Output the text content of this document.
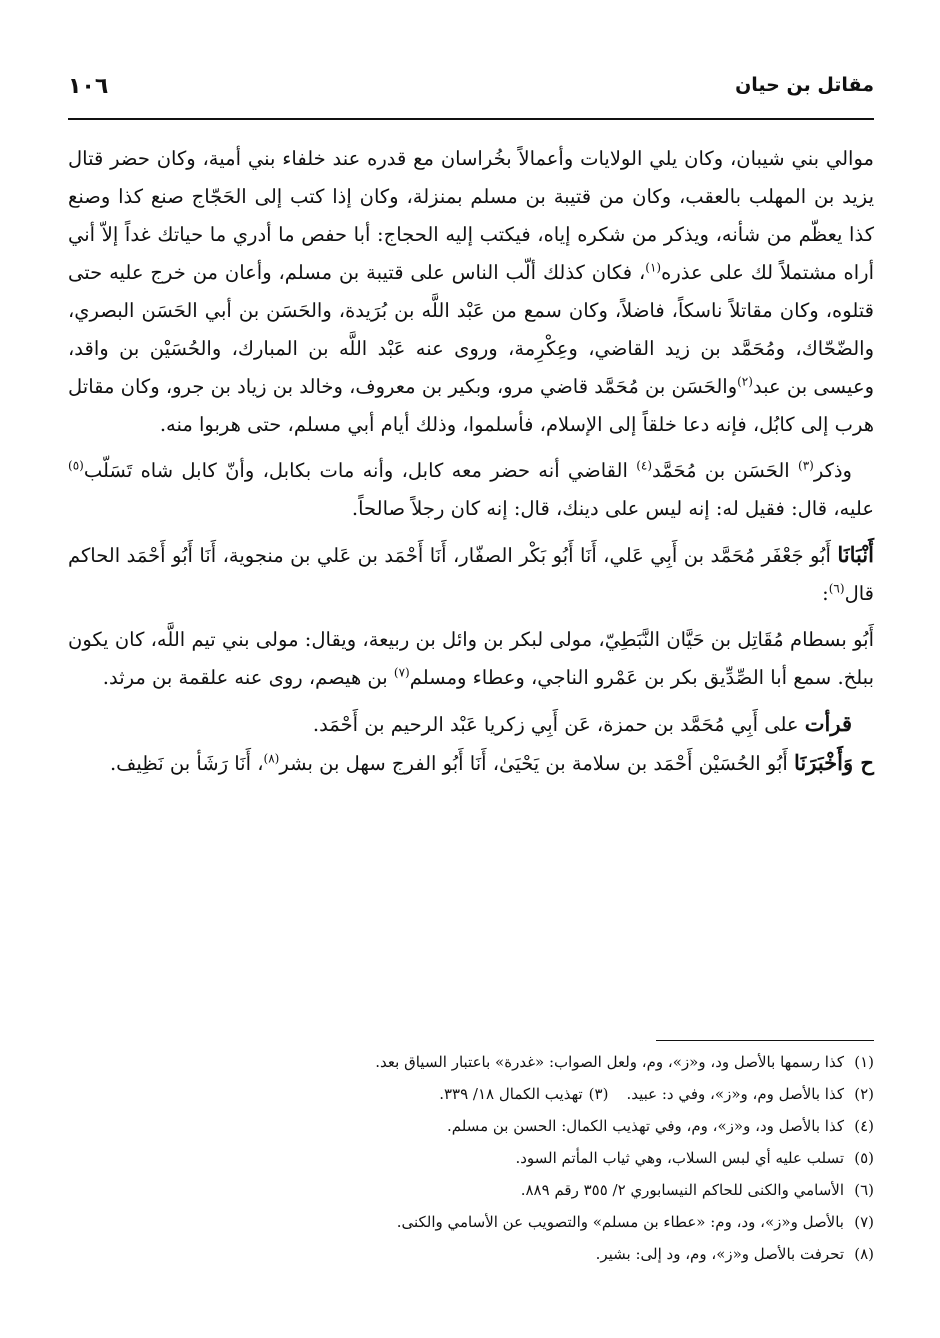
مقاتل بن حيان
١٠٦

موالي بني شيبان، وكان يلي الولايات وأعمالاً بخُراسان مع قدره عند خلفاء بني أمية، وكان حضر قتال يزيد بن المهلب بالعقب، وكان من قتيبة بن مسلم بمنزلة، وكان إذا كتب إلى الحَجّاج صنع كذا وصنع كذا يعظّم من شأنه، ويذكر من شكره إياه، فيكتب إليه الحجاج: أبا حفص ما أدري ما حياتك غداً إلاّ أني أراه مشتملاً لك على عذره$^{(١)}$، فكان كذلك ألّب الناس على قتيبة بن مسلم، وأعان من خرج عليه حتى قتلوه، وكان مقاتلاً ناسكاً، فاضلاً، وكان سمع من عَبْد اللَّه بن بُرَيدة، والحَسَن بن أبي الحَسَن البصري، والضّحّاك، ومُحَمَّد بن زيد القاضي، وعِكْرِمة، وروى عنه عَبْد اللَّه بن المبارك، والحُسَيْن بن واقد، وعيسى بن عبد$^{(٢)}$والحَسَن بن مُحَمَّد قاضي مرو، وبكير بن معروف، وخالد بن زياد بن جرو، وكان مقاتل هرب إلى كابُل، فإنه دعا خلقاً إلى الإسلام، فأسلموا، وذلك أيام أبي مسلم، حتى هربوا منه.

وذكر$^{(٣)}$ الحَسَن بن مُحَمَّد$^{(٤)}$ القاضي أنه حضر معه كابل، وأنه مات بكابل، وأنّ كابل شاه تَسَلّب$^{(٥)}$ عليه، قال: فقيل له: إنه ليس على دينك، قال: إنه كان رجلاً صالحاً.

أَنْبَانَا أَبُو جَعْفَر مُحَمَّد بن أَبِي عَلي، أَنَا أَبُو بَكْر الصفّار، أَنَا أَحْمَد بن عَلي بن منجوية، أَنَا أَبُو أَحْمَد الحاكم قال$^{(٦)}$:

أَبُو بسطام مُقَاتِل بن حَيَّان النَّبَطِيّ، مولى لبكر بن وائل بن ربيعة، ويقال: مولى بني تيم اللَّه، كان يكون ببلخ. سمع أبا الصِّدِّيق بكر بن عَمْرو الناجي، وعطاء ومسلم$^{(٧)}$ بن هيصم، روى عنه علقمة بن مرثد.

قرأت على أَبِي مُحَمَّد بن حمزة، عَن أَبِي زكريا عَبْد الرحيم بن أَحْمَد.

ح وَأَخْبَرَنَا أَبُو الحُسَيْن أَحْمَد بن سلامة بن يَحْيَىٰ، أَنَا أَبُو الفرج سهل بن بشر$^{(٨)}$، أَنَا رَشَأ بن نَظِيف.

(١)كذا رسمها بالأصل ود، و«ز»، وم، ولعل الصواب: «غدرة» باعتبار السياق بعد.

(٢)كذا بالأصل وم، و«ز»، وفي د: عبيد.(٣)تهذيب الكمال ١٨/ ٣٣٩.

(٤)كذا بالأصل ود، و«ز»، وم، وفي تهذيب الكمال: الحسن بن مسلم.

(٥)تسلب عليه أي لبس السلاب، وهي ثياب المأتم السود.

(٦)الأسامي والكنى للحاكم النيسابوري ٢/ ٣٥٥ رقم ٨٨٩.

(٧)بالأصل و«ز»، ود، وم: «عطاء بن مسلم» والتصويب عن الأسامي والكنى.

(٨)تحرفت بالأصل و«ز»، وم، ود إلى: بشير.
